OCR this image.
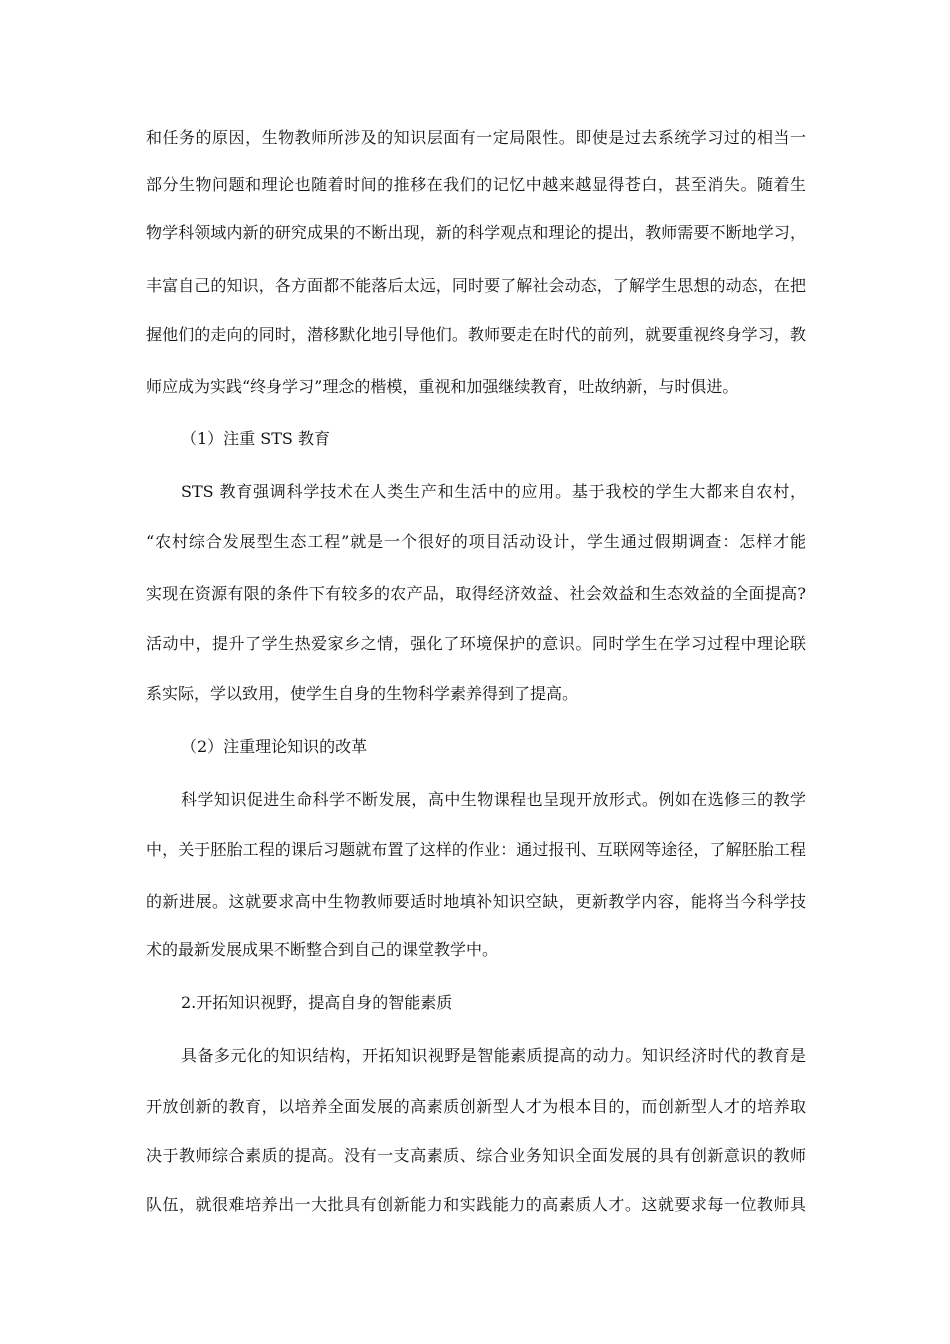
和任务的原因，生物教师所涉及的知识层面有一定局限性。即使是过去系统学习过的相当一
部分生物问题和理论也随着时间的推移在我们的记忆中越来越显得苍白，甚至消失。随着生
物学科领域内新的研究成果的不断出现，新的科学观点和理论的提出，教师需要不断地学习，
丰富自己的知识，各方面都不能落后太远，同时要了解社会动态，了解学生思想的动态，在把
握他们的走向的同时，潜移默化地引导他们。教师要走在时代的前列，就要重视终身学习，教
师应成为实践“终身学习”理念的楷模，重视和加强继续教育，吐故纳新，与时俱进。
（1）注重 STS 教育
STS 教育强调科学技术在人类生产和生活中的应用。基于我校的学生大都来自农村，
“农村综合发展型生态工程”就是一个很好的项目活动设计，学生通过假期调查：怎样才能
实现在资源有限的条件下有较多的农产品，取得经济效益、社会效益和生态效益的全面提高?
活动中，提升了学生热爱家乡之情，强化了环境保护的意识。同时学生在学习过程中理论联
系实际，学以致用，使学生自身的生物科学素养得到了提高。
（2）注重理论知识的改革
科学知识促进生命科学不断发展，高中生物课程也呈现开放形式。例如在选修三的教学
中，关于胚胎工程的课后习题就布置了这样的作业：通过报刊、互联网等途径，了解胚胎工程
的新进展。这就要求高中生物教师要适时地填补知识空缺，更新教学内容，能将当今科学技
术的最新发展成果不断整合到自己的课堂教学中。
2.开拓知识视野，提高自身的智能素质
具备多元化的知识结构，开拓知识视野是智能素质提高的动力。知识经济时代的教育是
开放创新的教育，以培养全面发展的高素质创新型人才为根本目的，而创新型人才的培养取
决于教师综合素质的提高。没有一支高素质、综合业务知识全面发展的具有创新意识的教师
队伍，就很难培养出一大批具有创新能力和实践能力的高素质人才。这就要求每一位教师具
